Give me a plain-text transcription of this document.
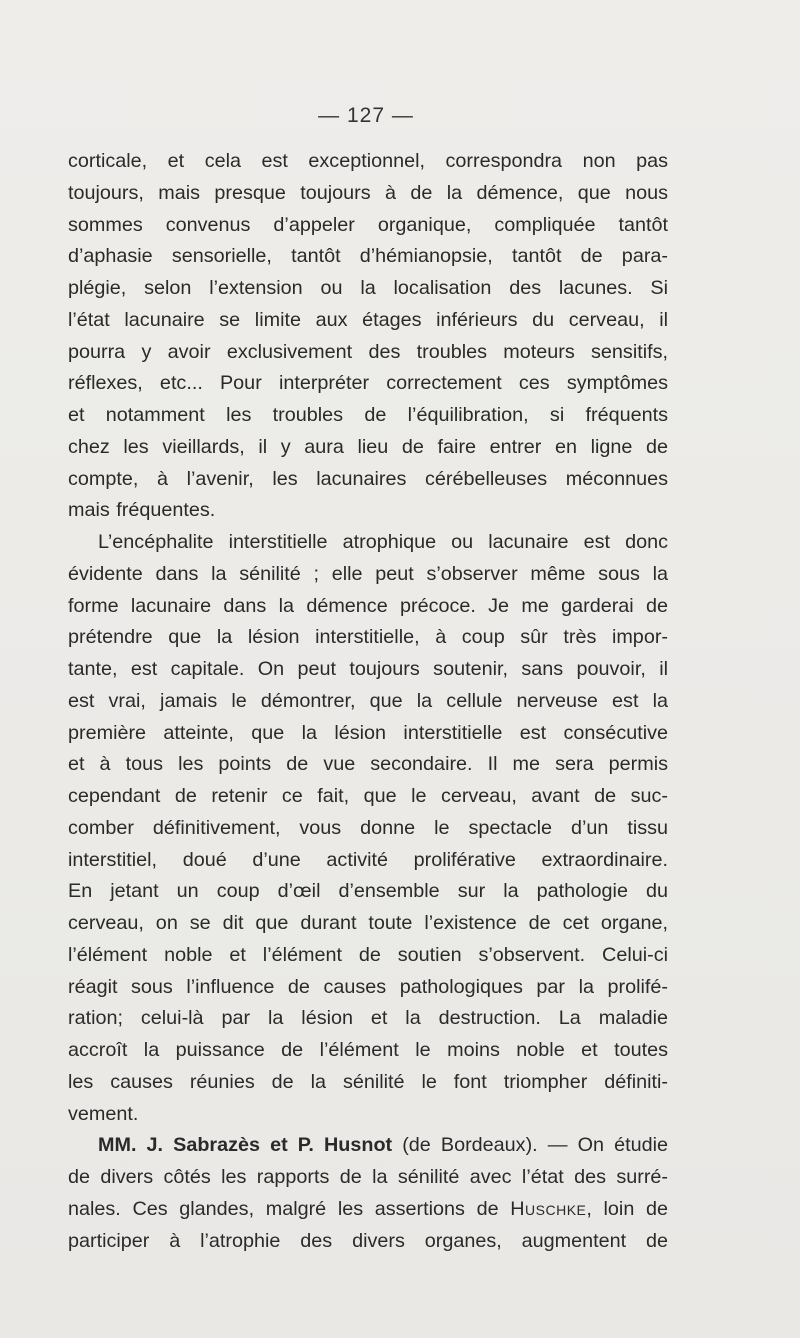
— 127 —
corticale, et cela est exceptionnel, correspondra non pas
toujours, mais presque toujours à de la démence, que nous
sommes convenus d’appeler organique, compliquée tantôt
d’aphasie sensorielle, tantôt d’hémianopsie, tantôt de para-
plégie, selon l’extension ou la localisation des lacunes. Si
l’état lacunaire se limite aux étages inférieurs du cerveau, il
pourra y avoir exclusivement des troubles moteurs sensitifs,
réflexes, etc... Pour interpréter correctement ces symptômes
et notamment les troubles de l’équilibration, si fréquents
chez les vieillards, il y aura lieu de faire entrer en ligne de
compte, à l’avenir, les lacunaires cérébelleuses méconnues
mais fréquentes.
L’encéphalite interstitielle atrophique ou lacunaire est donc
évidente dans la sénilité ; elle peut s’observer même sous la
forme lacunaire dans la démence précoce. Je me garderai de
prétendre que la lésion interstitielle, à coup sûr très impor-
tante, est capitale. On peut toujours soutenir, sans pouvoir, il
est vrai, jamais le démontrer, que la cellule nerveuse est la
première atteinte, que la lésion interstitielle est consécutive
et à tous les points de vue secondaire. Il me sera permis
cependant de retenir ce fait, que le cerveau, avant de suc-
comber définitivement, vous donne le spectacle d’un tissu
interstitiel, doué d’une activité proliférative extraordinaire.
En jetant un coup d’œil d’ensemble sur la pathologie du
cerveau, on se dit que durant toute l’existence de cet organe,
l’élément noble et l’élément de soutien s’observent. Celui-ci
réagit sous l’influence de causes pathologiques par la prolifé-
ration; celui-là par la lésion et la destruction. La maladie
accroît la puissance de l’élément le moins noble et toutes
les causes réunies de la sénilité le font triompher définiti-
vement.
MM. J. Sabrazès et P. Husnot (de Bordeaux). — On étudie
de divers côtés les rapports de la sénilité avec l’état des surré-
nales. Ces glandes, malgré les assertions de Huschke, loin de
participer à l’atrophie des divers organes, augmentent de
